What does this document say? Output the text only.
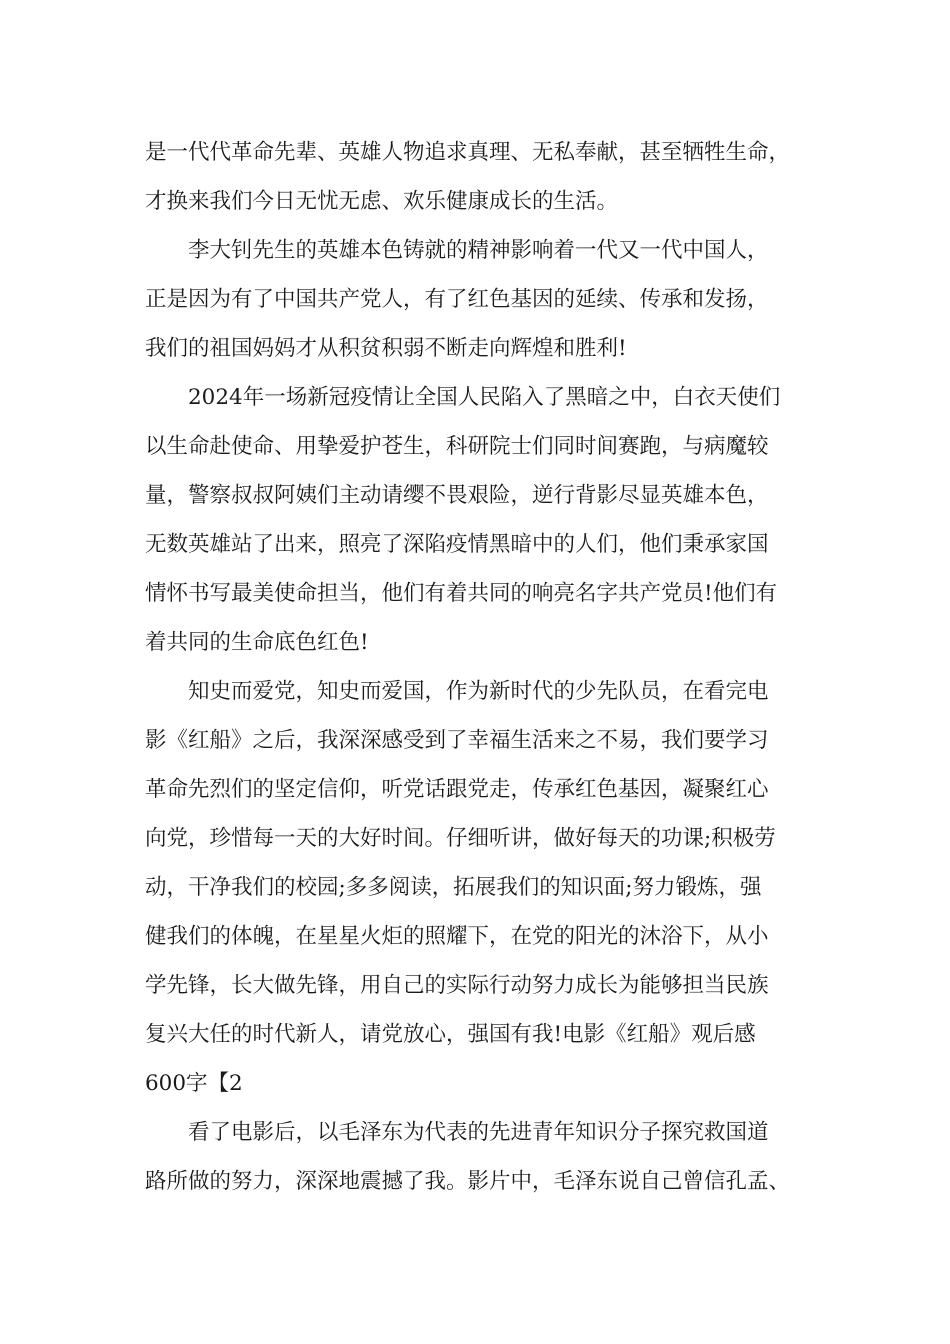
是一代代革命先辈、英雄人物追求真理、无私奉献，甚至牺牲生命，
才换来我们今日无忧无虑、欢乐健康成长的生活。
李大钊先生的英雄本色铸就的精神影响着一代又一代中国人，
正是因为有了中国共产党人，有了红色基因的延续、传承和发扬，
我们的祖国妈妈才从积贫积弱不断走向辉煌和胜利!
2024年一场新冠疫情让全国人民陷入了黑暗之中，白衣天使们
以生命赴使命、用挚爱护苍生，科研院士们同时间赛跑，与病魔较
量，警察叔叔阿姨们主动请缨不畏艰险，逆行背影尽显英雄本色，
无数英雄站了出来，照亮了深陷疫情黑暗中的人们，他们秉承家国
情怀书写最美使命担当，他们有着共同的响亮名字共产党员!他们有
着共同的生命底色红色!
知史而爱党，知史而爱国，作为新时代的少先队员，在看完电
影《红船》之后，我深深感受到了幸福生活来之不易，我们要学习
革命先烈们的坚定信仰，听党话跟党走，传承红色基因，凝聚红心
向党，珍惜每一天的大好时间。仔细听讲，做好每天的功课;积极劳
动，干净我们的校园;多多阅读，拓展我们的知识面;努力锻炼，强
健我们的体魄，在星星火炬的照耀下，在党的阳光的沐浴下，从小
学先锋，长大做先锋，用自己的实际行动努力成长为能够担当民族
复兴大任的时代新人，请党放心，强国有我!电影《红船》观后感
600字【2
看了电影后，以毛泽东为代表的先进青年知识分子探究救国道
路所做的努力，深深地震撼了我。影片中，毛泽东说自己曾信孔孟、
